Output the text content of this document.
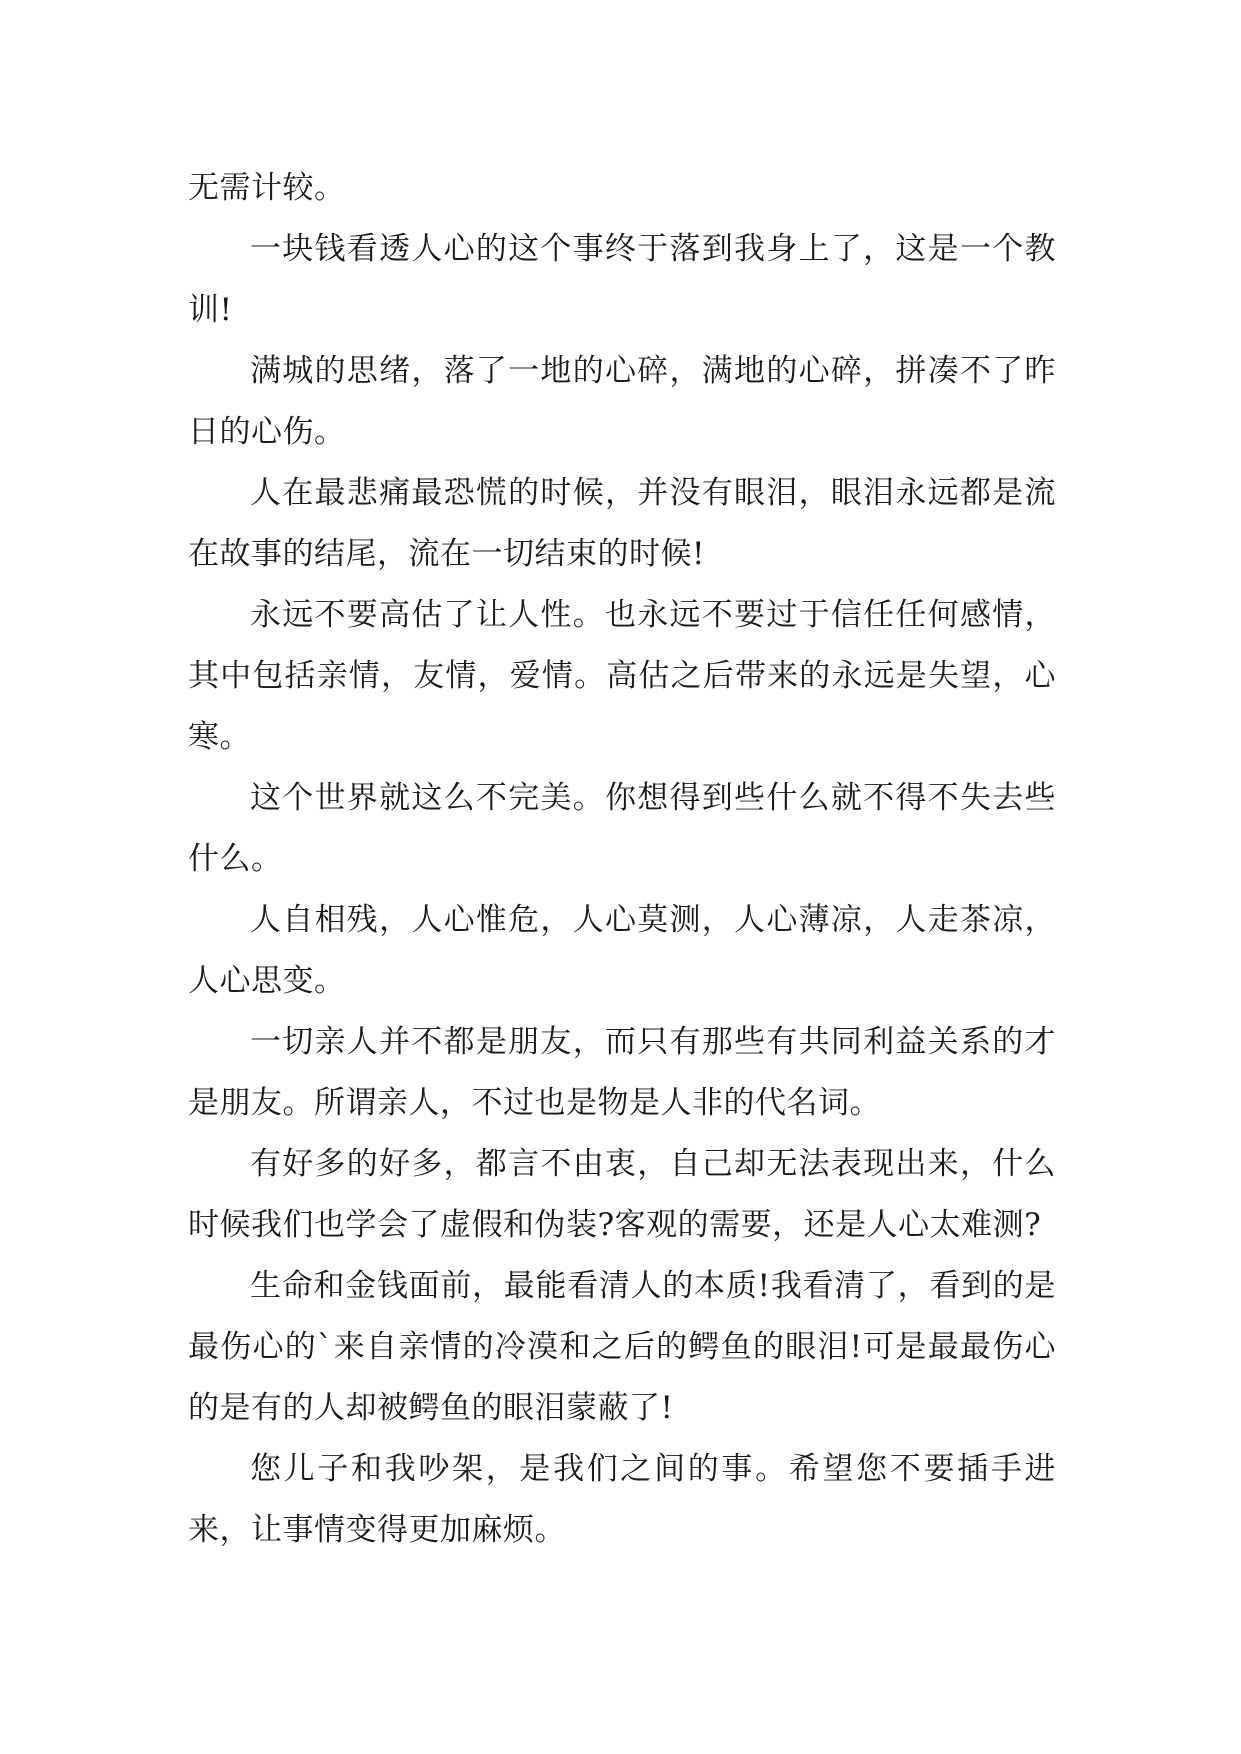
无需计较。

一块钱看透人心的这个事终于落到我身上了，这是一个教训!

满城的思绪，落了一地的心碎，满地的心碎，拼凑不了昨日的心伤。

人在最悲痛最恐慌的时候，并没有眼泪，眼泪永远都是流在故事的结尾，流在一切结束的时候!

永远不要高估了让人性。也永远不要过于信任任何感情，其中包括亲情，友情，爱情。高估之后带来的永远是失望，心寒。

这个世界就这么不完美。你想得到些什么就不得不失去些什么。

人自相残，人心惟危，人心莫测，人心薄凉，人走茶凉，人心思变。

一切亲人并不都是朋友，而只有那些有共同利益关系的才是朋友。所谓亲人，不过也是物是人非的代名词。

有好多的好多，都言不由衷，自己却无法表现出来，什么时候我们也学会了虚假和伪装?客观的需要，还是人心太难测?

生命和金钱面前，最能看清人的本质!我看清了，看到的是最伤心的`来自亲情的冷漠和之后的鳄鱼的眼泪!可是最最伤心的是有的人却被鳄鱼的眼泪蒙蔽了!

您儿子和我吵架，是我们之间的事。希望您不要插手进来，让事情变得更加麻烦。
